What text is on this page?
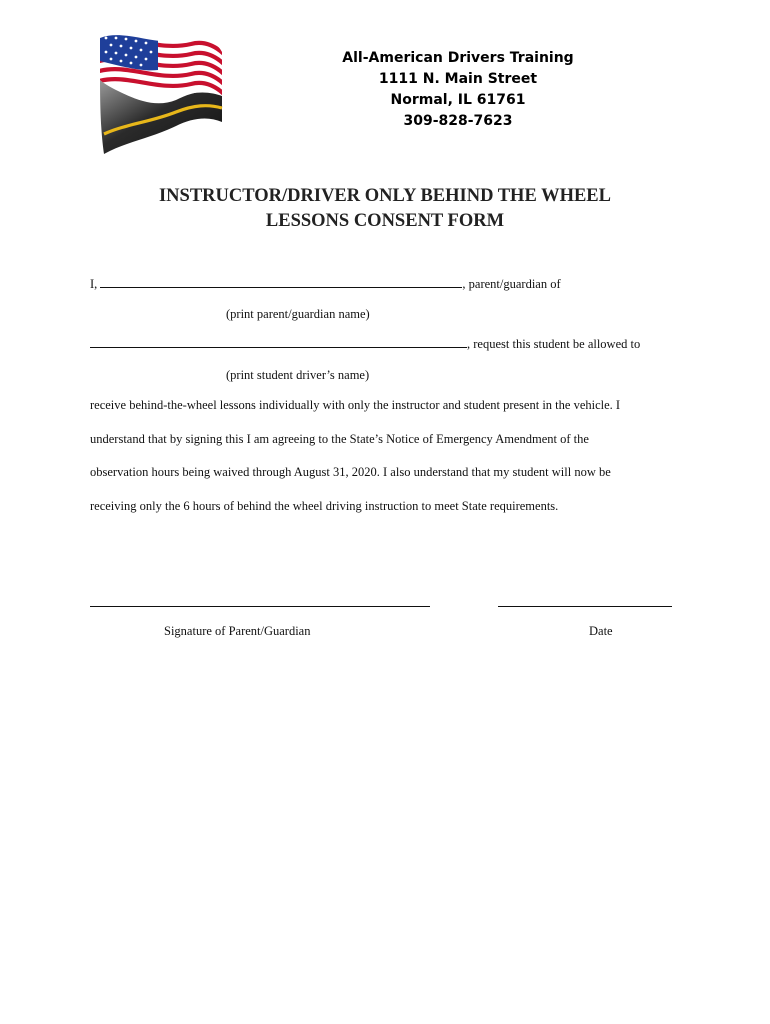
All-American Drivers Training
1111 N. Main Street
Normal, IL 61761
309-828-7623
INSTRUCTOR/DRIVER ONLY BEHIND THE WHEEL
LESSONS CONSENT FORM
I,	, parent/guardian of
(print parent/guardian name)
, request this student be allowed to
(print student driver’s name)
receive behind-the-wheel lessons individually with only the instructor and student present in the vehicle. I
understand that by signing this I am agreeing to the State’s Notice of Emergency Amendment of the
observation hours being waived through August 31, 2020. I also understand that my student will now be
receiving only the 6 hours of behind the wheel driving instruction to meet State requirements.
Signature of Parent/Guardian	Date
